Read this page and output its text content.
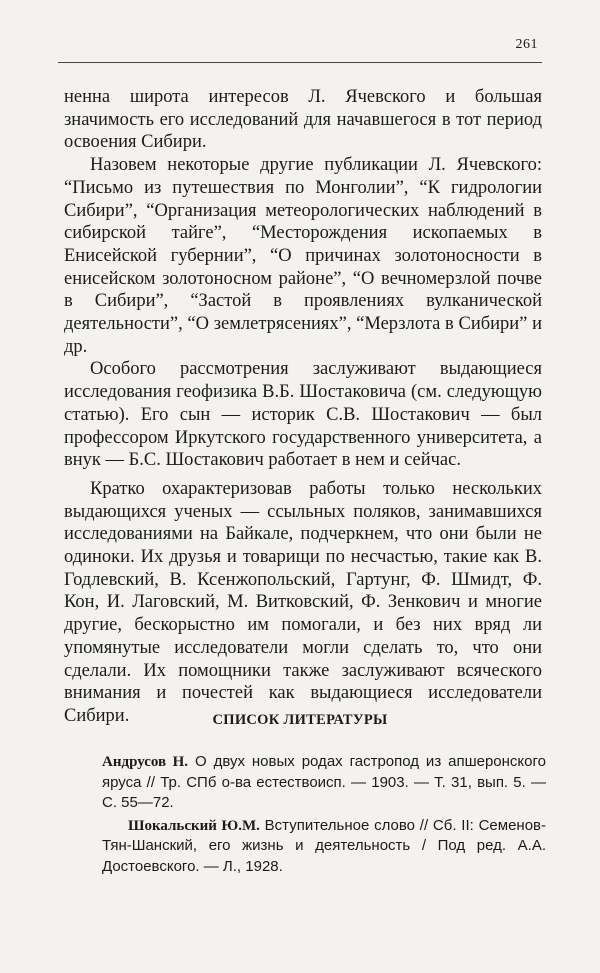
261

ненна широта интересов Л. Ячевского и большая значимость его исследований для начавшегося в тот период освоения Сибири.

Назовем некоторые другие публикации Л. Ячевского: “Письмо из путешествия по Монголии”, “К гидрологии Сибири”, “Организация метеорологических наблюдений в сибирской тайге”, “Месторождения ископаемых в Енисейской губернии”, “О причинах золотоносности в енисейском золотоносном районе”, “О вечномерзлой почве в Сибири”, “Застой в проявлениях вулканической деятельности”, “О землетрясениях”, “Мерзлота в Сибири” и др.

Особого рассмотрения заслуживают выдающиеся исследования геофизика В.Б. Шостаковича (см. следующую статью). Его сын — историк С.В. Шостакович — был профессором Иркутского государственного университета, а внук — Б.С. Шостакович работает в нем и сейчас.

Кратко охарактеризовав работы только нескольких выдающихся ученых — ссыльных поляков, занимавшихся исследованиями на Байкале, подчеркнем, что они были не одиноки. Их друзья и товарищи по несчастью, такие как В. Годлевский, В. Ксенжопольский, Гартунг, Ф. Шмидт, Ф. Кон, И. Лаговский, М. Витковский, Ф. Зенкович и многие другие, бескорыстно им помогали, и без них вряд ли упомянутые исследователи могли сделать то, что они сделали. Их помощники также заслуживают всяческого внимания и почестей как выдающиеся исследователи Сибири.	СПИСОК ЛИТЕРАТУРЫ

Андрусов Н. О двух новых родах гастропод из апшеронского яруса // Тр. СПб о-ва естествоисп. — 1903. — Т. 31, вып. 5. — С. 55—72.

Шокальский Ю.М. Вступительное слово // Сб. II: Семенов-Тян-Шанский, его жизнь и деятельность / Под ред. А.А. Достоевского. — Л., 1928.
